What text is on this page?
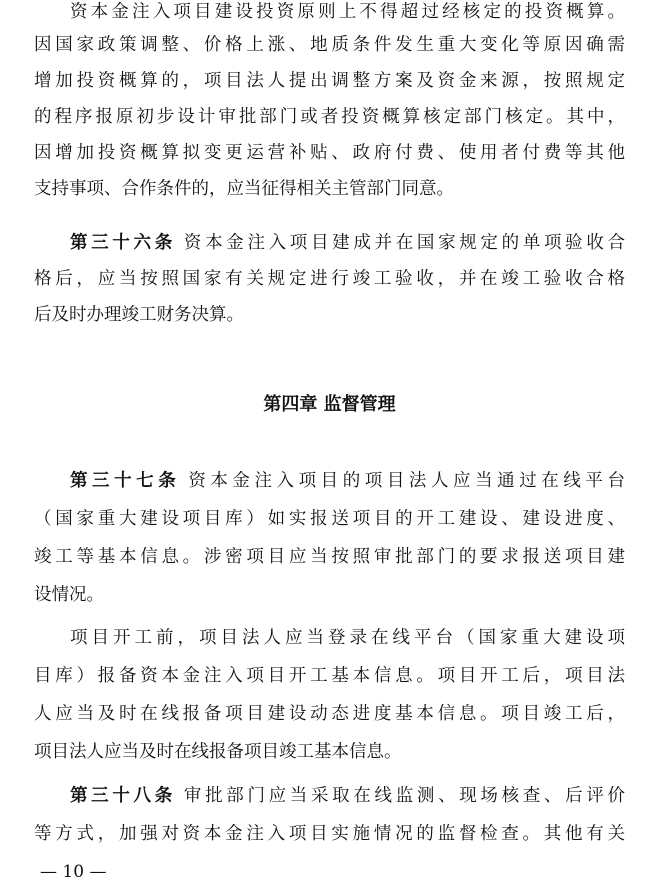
资本金注入项目建设投资原则上不得超过经核定的投资概算。
因国家政策调整、价格上涨、地质条件发生重大变化等原因确需
增加投资概算的，项目法人提出调整方案及资金来源，按照规定
的程序报原初步设计审批部门或者投资概算核定部门核定。其中，
因增加投资概算拟变更运营补贴、政府付费、使用者付费等其他
支持事项、合作条件的，应当征得相关主管部门同意。
第三十六条 资本金注入项目建成并在国家规定的单项验收合
格后，应当按照国家有关规定进行竣工验收，并在竣工验收合格
后及时办理竣工财务决算。
第四章 监督管理
第三十七条 资本金注入项目的项目法人应当通过在线平台
（国家重大建设项目库）如实报送项目的开工建设、建设进度、
竣工等基本信息。涉密项目应当按照审批部门的要求报送项目建
设情况。
项目开工前，项目法人应当登录在线平台（国家重大建设项
目库）报备资本金注入项目开工基本信息。项目开工后，项目法
人应当及时在线报备项目建设动态进度基本信息。项目竣工后，
项目法人应当及时在线报备项目竣工基本信息。
第三十八条 审批部门应当采取在线监测、现场核查、后评价
等方式，加强对资本金注入项目实施情况的监督检查。其他有关
— 10 —
